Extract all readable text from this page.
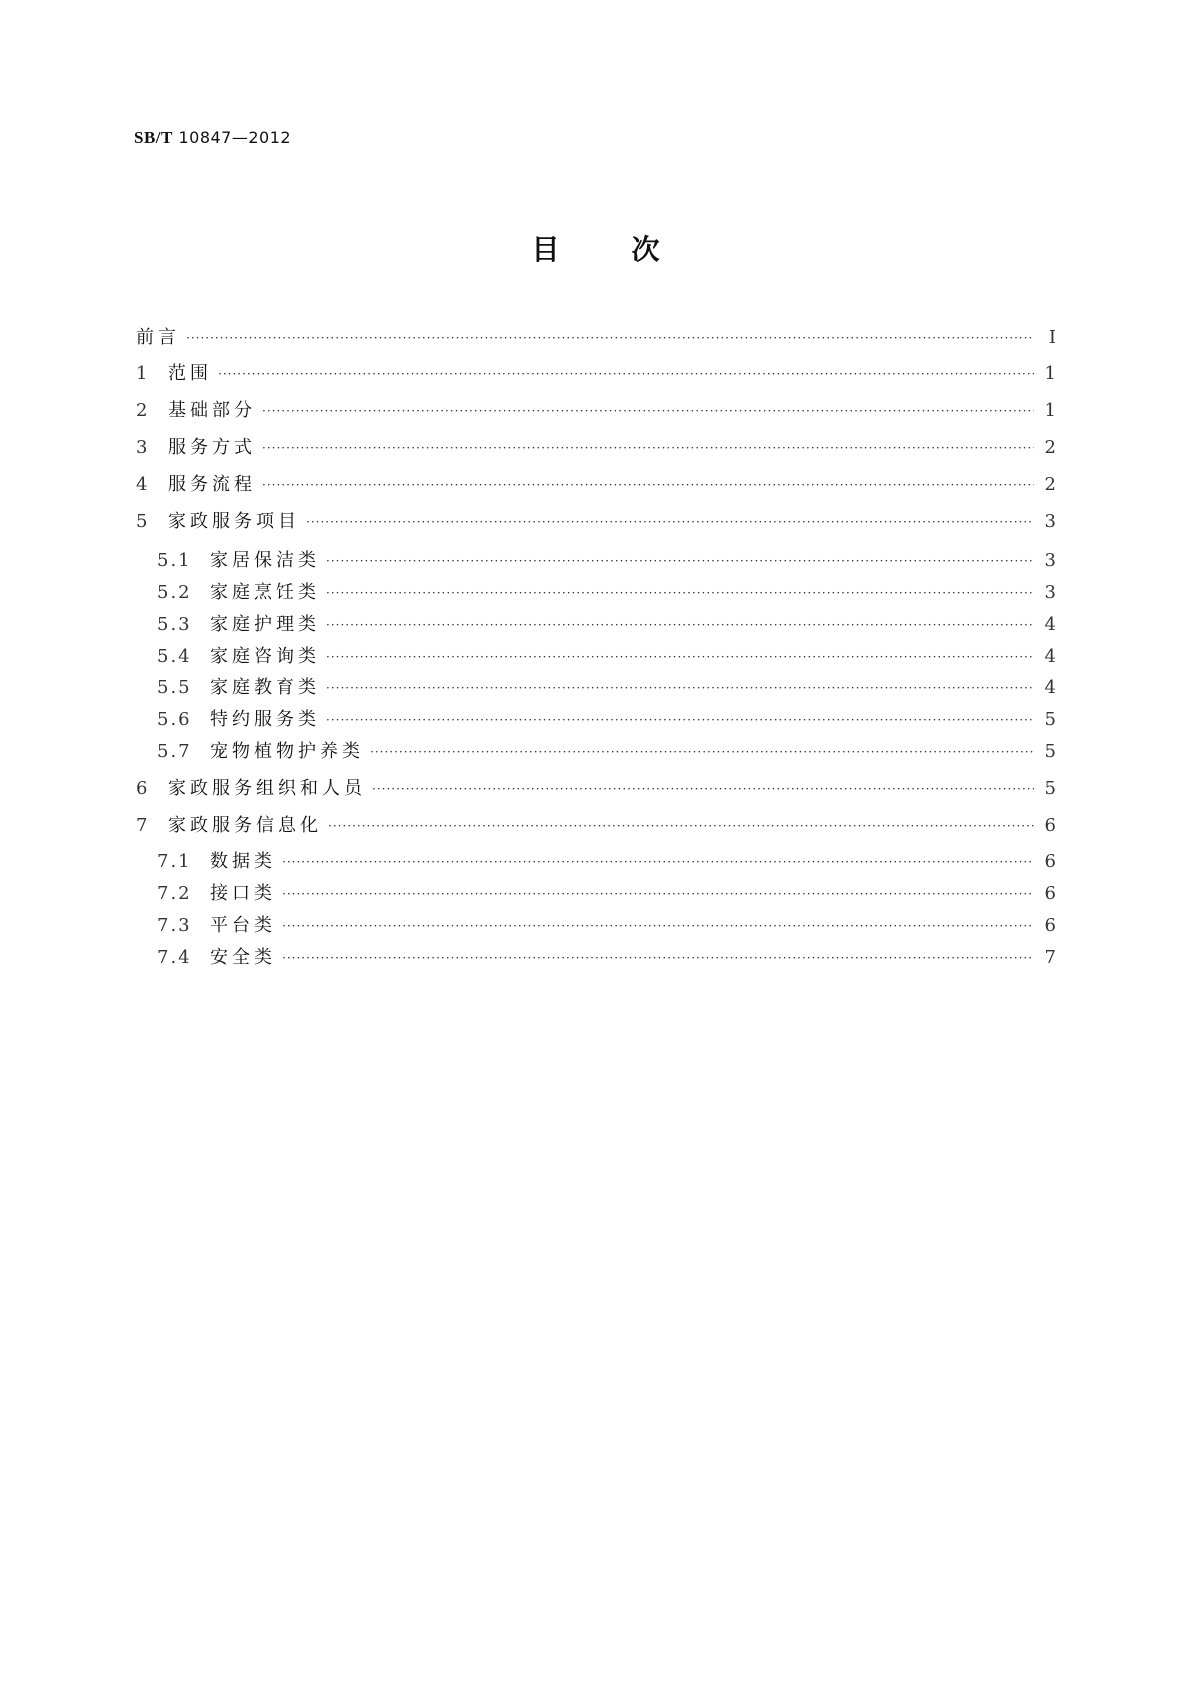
SB/T 10847—2012
目	次
前言 ·····	Ⅰ
1	范围 ·····	1
2	基础部分 ·····	1
3	服务方式 ·····	2
4	服务流程 ·····	2
5	家政服务项目 ·····	3
5.1	家居保洁类 ·····	3
5.2	家庭烹饪类 ·····	3
5.3	家庭护理类 ·····	4
5.4	家庭咨询类 ·····	4
5.5	家庭教育类 ·····	4
5.6	特约服务类 ·····	5
5.7	宠物植物护养类 ·····	5
6	家政服务组织和人员 ·····	5
7	家政服务信息化 ·····	6
7.1	数据类 ·····	6
7.2	接口类 ·····	6
7.3	平台类 ·····	6
7.4	安全类 ·····	7
